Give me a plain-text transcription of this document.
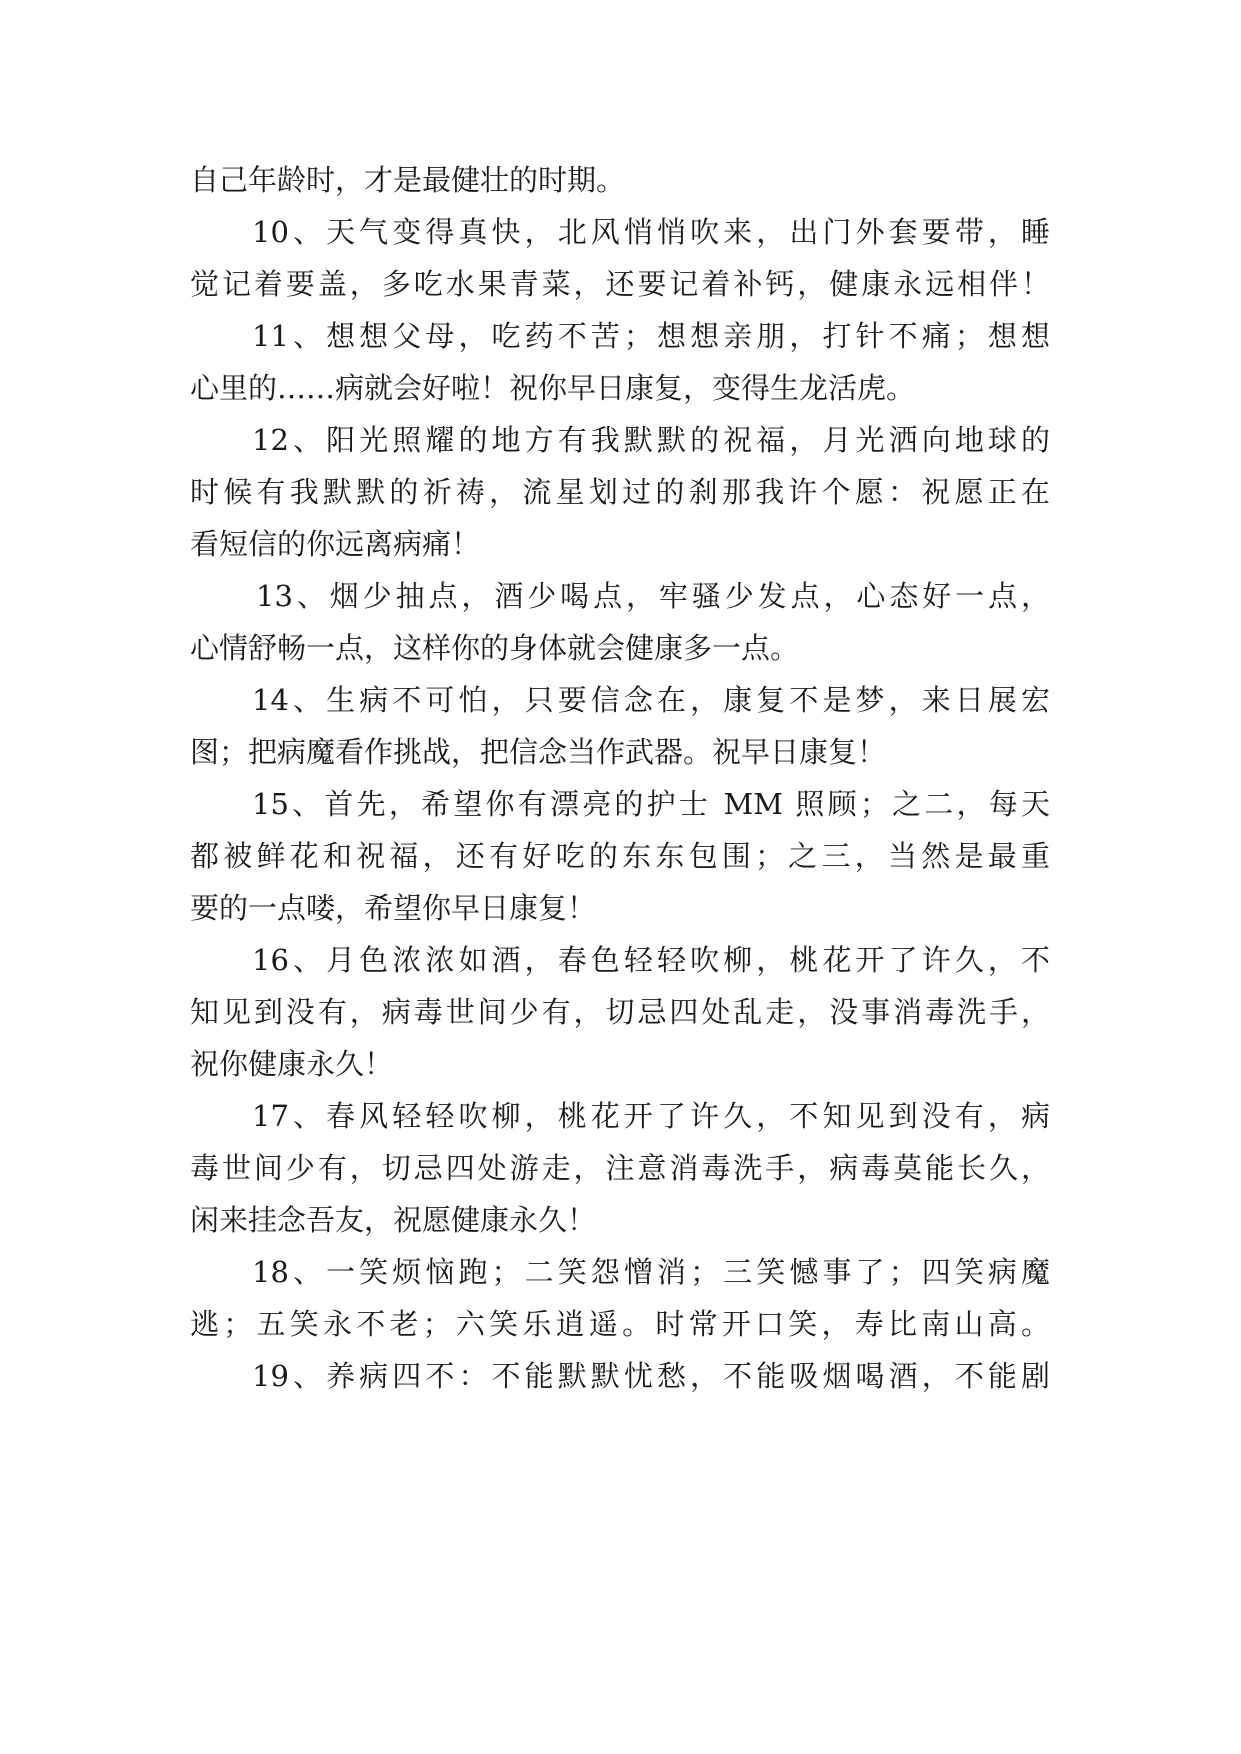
自己年龄时，才是最健壮的时期。
10、天气变得真快，北风悄悄吹来，出门外套要带，睡
觉记着要盖，多吃水果青菜，还要记着补钙，健康永远相伴！
11、想想父母，吃药不苦；想想亲朋，打针不痛；想想
心里的……病就会好啦！祝你早日康复，变得生龙活虎。
12、阳光照耀的地方有我默默的祝福，月光洒向地球的
时候有我默默的祈祷，流星划过的刹那我许个愿：祝愿正在
看短信的你远离病痛！
13、烟少抽点，酒少喝点，牢骚少发点，心态好一点，
心情舒畅一点，这样你的身体就会健康多一点。
14、生病不可怕，只要信念在，康复不是梦，来日展宏
图；把病魔看作挑战，把信念当作武器。祝早日康复！
15、首先，希望你有漂亮的护士 MM 照顾；之二，每天
都被鲜花和祝福，还有好吃的东东包围；之三，当然是最重
要的一点喽，希望你早日康复！
16、月色浓浓如酒，春色轻轻吹柳，桃花开了许久，不
知见到没有，病毒世间少有，切忌四处乱走，没事消毒洗手，
祝你健康永久！
17、春风轻轻吹柳，桃花开了许久，不知见到没有，病
毒世间少有，切忌四处游走，注意消毒洗手，病毒莫能长久，
闲来挂念吾友，祝愿健康永久！
18、一笑烦恼跑；二笑怨憎消；三笑憾事了；四笑病魔
逃；五笑永不老；六笑乐逍遥。时常开口笑，寿比南山高。
19、养病四不：不能默默忧愁，不能吸烟喝酒，不能剧
